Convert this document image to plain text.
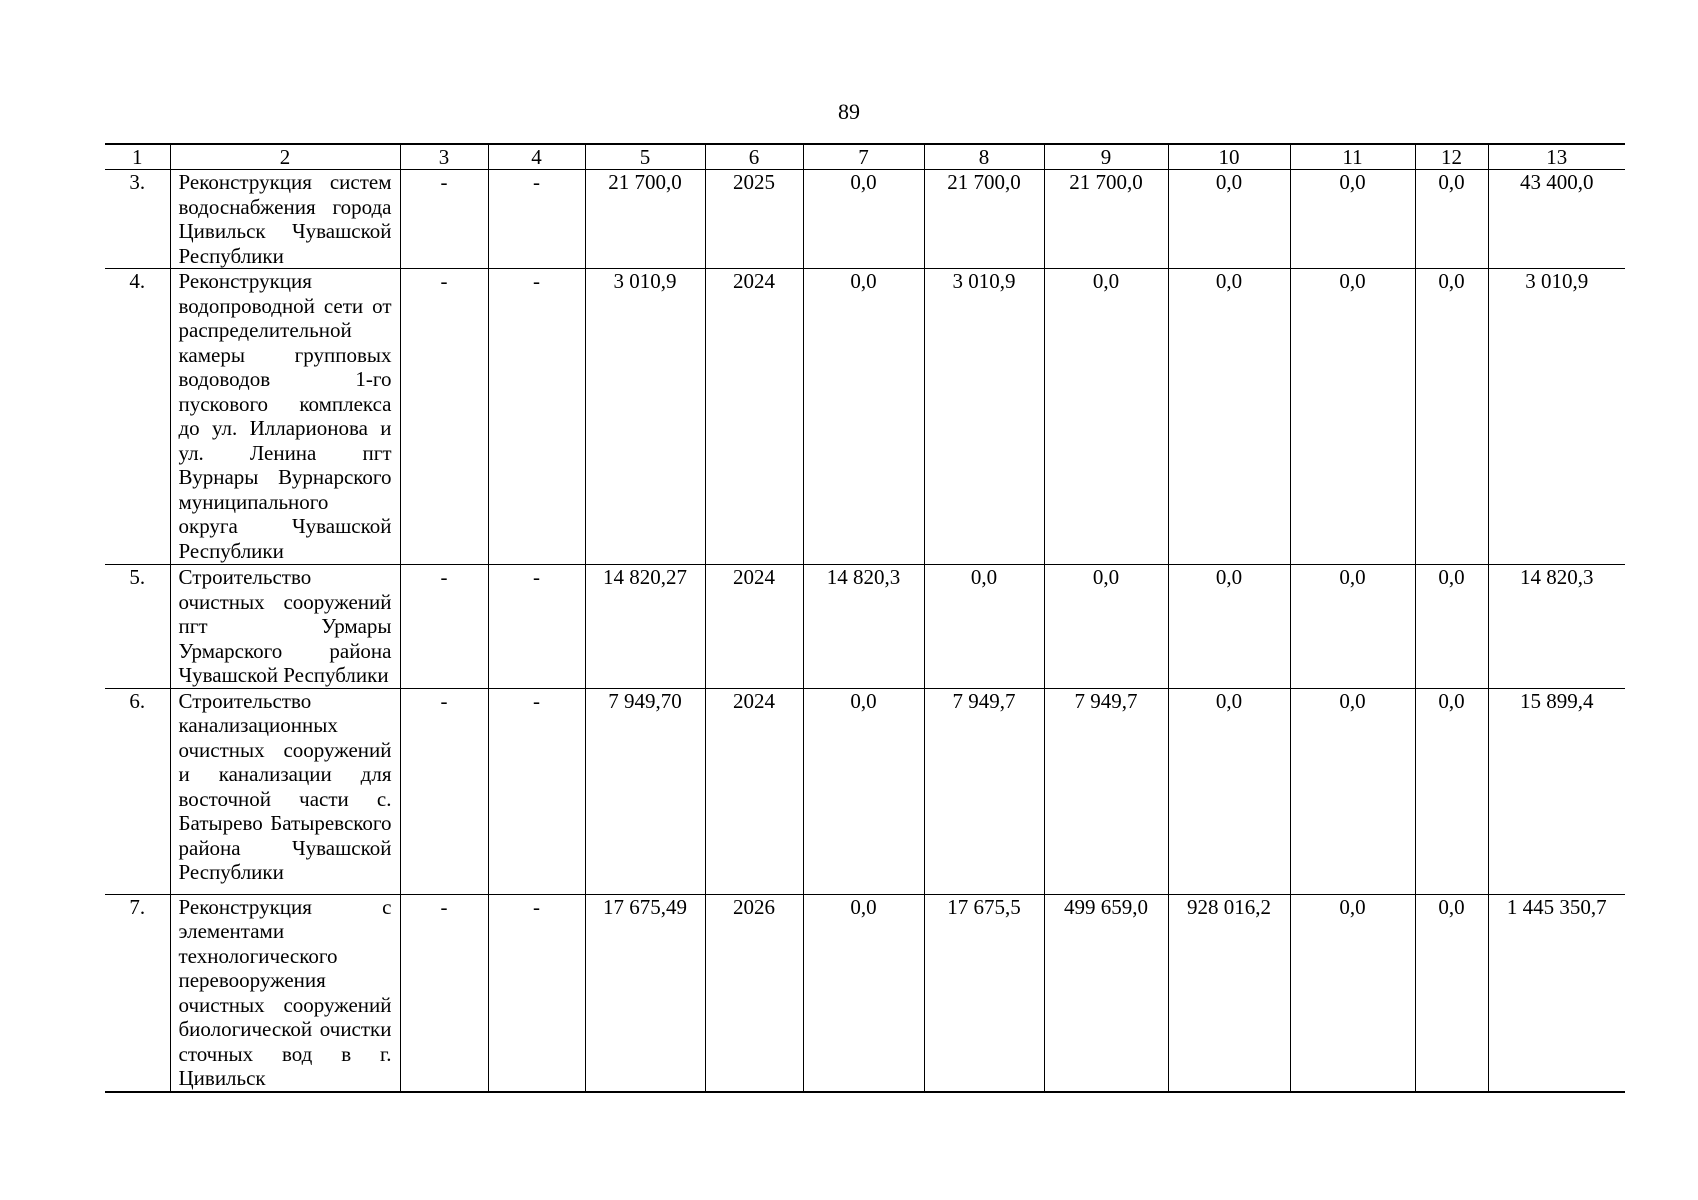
89
1	2	3	4	5	6	7	8	9	10	11	12	13
3.	Реконструкция систем водоснабжения города Цивильск Чувашской Республики	-	-	21 700,0	2025	0,0	21 700,0	21 700,0	0,0	0,0	0,0	43 400,0
4.	Реконструкция водопроводной сети от распределительной камеры групповых водоводов 1-го пускового комплекса до ул. Илларионова и ул. Ленина пгт Вурнары Вурнарского муниципального округа Чувашской Республики	-	-	3 010,9	2024	0,0	3 010,9	0,0	0,0	0,0	0,0	3 010,9
5.	Строительство очистных сооружений пгт Урмары Урмарского района Чувашской Республики	-	-	14 820,27	2024	14 820,3	0,0	0,0	0,0	0,0	0,0	14 820,3
6.	Строительство канализационных очистных сооружений и канализации для восточной части с. Батырево Батыревского района Чувашской Республики	-	-	7 949,70	2024	0,0	7 949,7	7 949,7	0,0	0,0	0,0	15 899,4
7.	Реконструкция с элементами технологического перевооружения очистных сооружений биологической очистки сточных вод в г. Цивильск	-	-	17 675,49	2026	0,0	17 675,5	499 659,0	928 016,2	0,0	0,0	1 445 350,7
